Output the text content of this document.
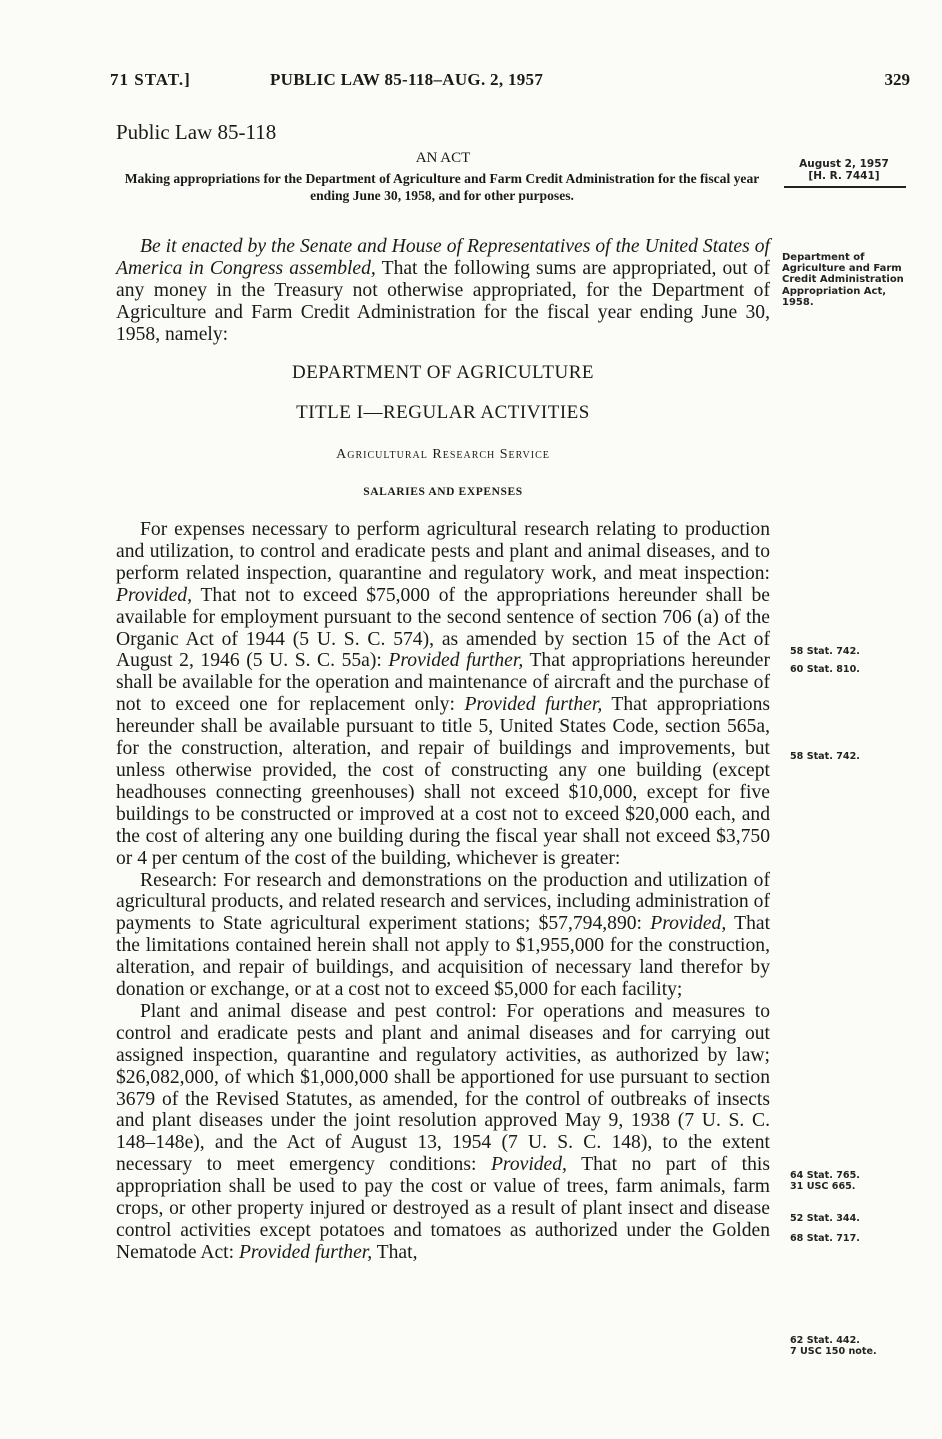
71 STAT.]	PUBLIC LAW 85-118–AUG. 2, 1957	329
Public Law 85-118
AN ACT
Making appropriations for the Department of Agriculture and Farm Credit Administration for the fiscal year ending June 30, 1958, and for other purposes.
August 2, 1957
[H. R. 7441]

Be it enacted by the Senate and House of Representatives of the United States of America in Congress assembled, That the following sums are appropriated, out of any money in the Treasury not otherwise appropriated, for the Department of Agriculture and Farm Credit Administration for the fiscal year ending June 30, 1958, namely:

Department of Agriculture and Farm Credit Administration Appropriation Act, 1958.
DEPARTMENT OF AGRICULTURE
TITLE I—REGULAR ACTIVITIES
Agricultural Research Service
SALARIES AND EXPENSES

For expenses necessary to perform agricultural research relating to production and utilization, to control and eradicate pests and plant and animal diseases, and to perform related inspection, quarantine and regulatory work, and meat inspection: Provided, That not to exceed $75,000 of the appropriations hereunder shall be available for employment pursuant to the second sentence of section 706 (a) of the Organic Act of 1944 (5 U. S. C. 574), as amended by section 15 of the Act of August 2, 1946 (5 U. S. C. 55a): Provided further, That appropriations hereunder shall be available for the operation and maintenance of aircraft and the purchase of not to exceed one for replacement only: Provided further, That appropriations hereunder shall be available pursuant to title 5, United States Code, section 565a, for the construction, alteration, and repair of buildings and improvements, but unless otherwise provided, the cost of constructing any one building (except headhouses connecting greenhouses) shall not exceed $10,000, except for five buildings to be constructed or improved at a cost not to exceed $20,000 each, and the cost of altering any one building during the fiscal year shall not exceed $3,750 or 4 per centum of the cost of the building, whichever is greater:

Research: For research and demonstrations on the production and utilization of agricultural products, and related research and services, including administration of payments to State agricultural experiment stations; $57,794,890: Provided, That the limitations contained herein shall not apply to $1,955,000 for the construction, alteration, and repair of buildings, and acquisition of necessary land therefor by donation or exchange, or at a cost not to exceed $5,000 for each facility;

Plant and animal disease and pest control: For operations and measures to control and eradicate pests and plant and animal diseases and for carrying out assigned inspection, quarantine and regulatory activities, as authorized by law; $26,082,000, of which $1,000,000 shall be apportioned for use pursuant to section 3679 of the Revised Statutes, as amended, for the control of outbreaks of insects and plant diseases under the joint resolution approved May 9, 1938 (7 U. S. C. 148–148e), and the Act of August 13, 1954 (7 U. S. C. 148), to the extent necessary to meet emergency conditions: Provided, That no part of this appropriation shall be used to pay the cost or value of trees, farm animals, farm crops, or other property injured or destroyed as a result of plant insect and disease control activities except potatoes and tomatoes as authorized under the Golden Nematode Act: Provided further, That,

58 Stat. 742.
60 Stat. 810.
58 Stat. 742.
64 Stat. 765.
31 USC 665.
52 Stat. 344.
68 Stat. 717.
62 Stat. 442.
7 USC 150 note.
